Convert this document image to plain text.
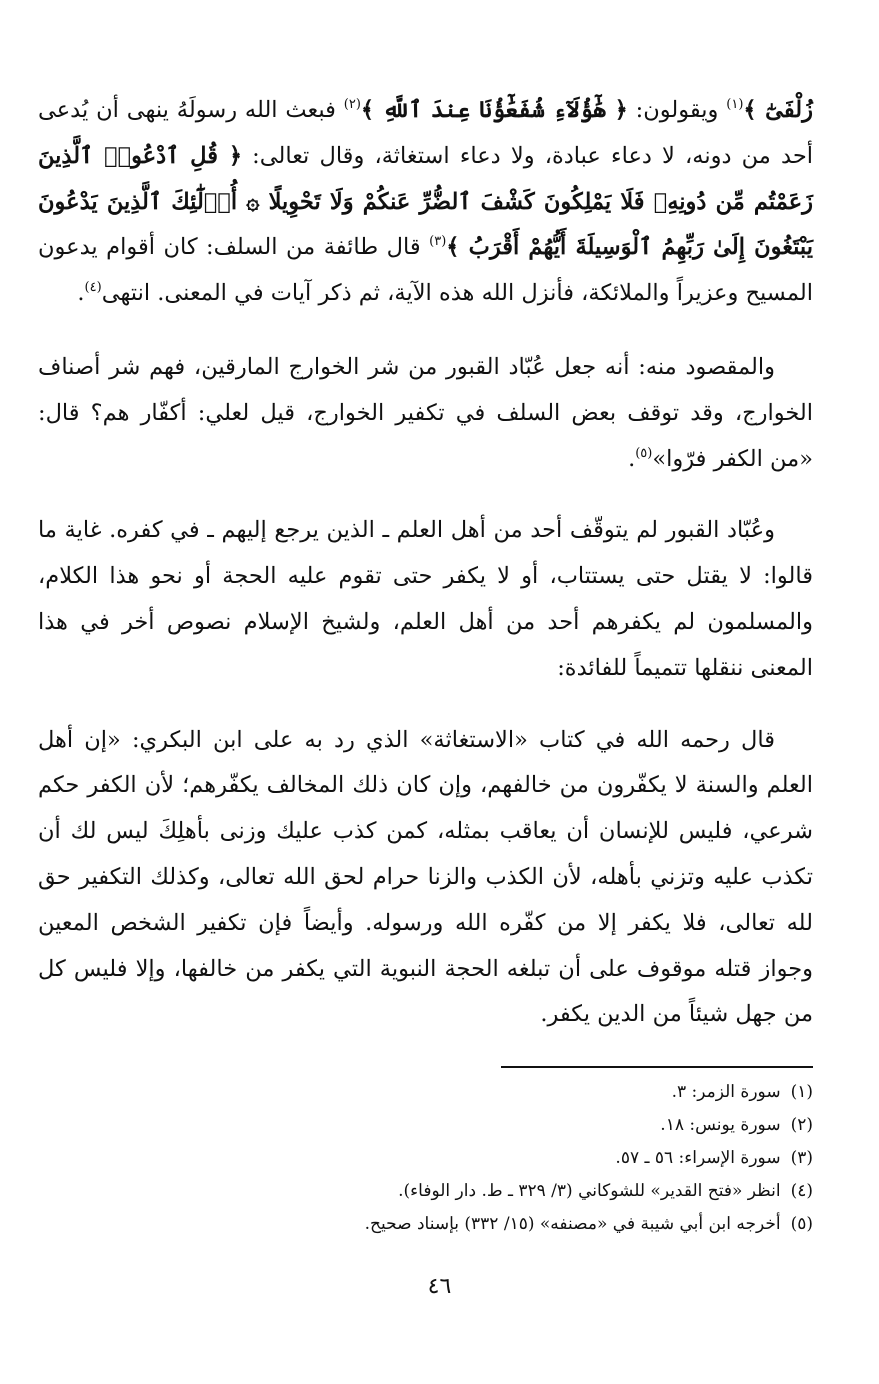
زُلْفَىٰٓ ﴾$^{(١)}$ ويقولون: ﴿ هَٰٓؤُلَآءِ شُفَعَٰٓؤُنَا عِندَ ٱللَّهِ ﴾$^{(٢)}$ فبعث الله رسولَهُ ينهى أن يُدعى أحد من دونه، لا دعاء عبادة، ولا دعاء استغاثة، وقال تعالى: ﴿ قُلِ ٱدْعُوا۟ ٱلَّذِينَ زَعَمْتُم مِّن دُونِهِۦ فَلَا يَمْلِكُونَ كَشْفَ ٱلضُّرِّ عَنكُمْ وَلَا تَحْوِيلًا ۞ أُو۟لَٰٓئِكَ ٱلَّذِينَ يَدْعُونَ يَبْتَغُونَ إِلَىٰ رَبِّهِمُ ٱلْوَسِيلَةَ أَيُّهُمْ أَقْرَبُ ﴾$^{(٣)}$ قال طائفة من السلف: كان أقوام يدعون المسيح وعزيراً والملائكة، فأنزل الله هذه الآية، ثم ذكر آيات في المعنى. انتهى$^{(٤)}$.

والمقصود منه: أنه جعل عُبّاد القبور من شر الخوارج المارقين، فهم شر أصناف الخوارج، وقد توقف بعض السلف في تكفير الخوارج، قيل لعلي: أكفّار هم؟ قال: «من الكفر فرّوا»$^{(٥)}$.

وعُبّاد القبور لم يتوقّف أحد من أهل العلم ـ الذين يرجع إليهم ـ في كفره. غاية ما قالوا: لا يقتل حتى يستتاب، أو لا يكفر حتى تقوم عليه الحجة أو نحو هذا الكلام، والمسلمون لم يكفرهم أحد من أهل العلم، ولشيخ الإسلام نصوص أخر في هذا المعنى ننقلها تتميماً للفائدة:

قال رحمه الله في كتاب «الاستغاثة» الذي رد به على ابن البكري: «إن أهل العلم والسنة لا يكفّرون من خالفهم، وإن كان ذلك المخالف يكفّرهم؛ لأن الكفر حكم شرعي، فليس للإنسان أن يعاقب بمثله، كمن كذب عليك وزنى بأهلِكَ ليس لك أن تكذب عليه وتزني بأهله، لأن الكذب والزنا حرام لحق الله تعالى، وكذلك التكفير حق لله تعالى، فلا يكفر إلا من كفّره الله ورسوله. وأيضاً فإن تكفير الشخص المعين وجواز قتله موقوف على أن تبلغه الحجة النبوية التي يكفر من خالفها، وإلا فليس كل من جهل شيئاً من الدين يكفر.

(١)سورة الزمر: ٣.
(٢)سورة يونس: ١٨.
(٣)سورة الإسراء: ٥٦ ـ ٥٧.
(٤)انظر «فتح القدير» للشوكاني (٣/ ٣٢٩ ـ ط. دار الوفاء).
(٥)أخرجه ابن أبي شيبة في «مصنفه» (١٥/ ٣٣٢) بإسناد صحيح.
٤٦
